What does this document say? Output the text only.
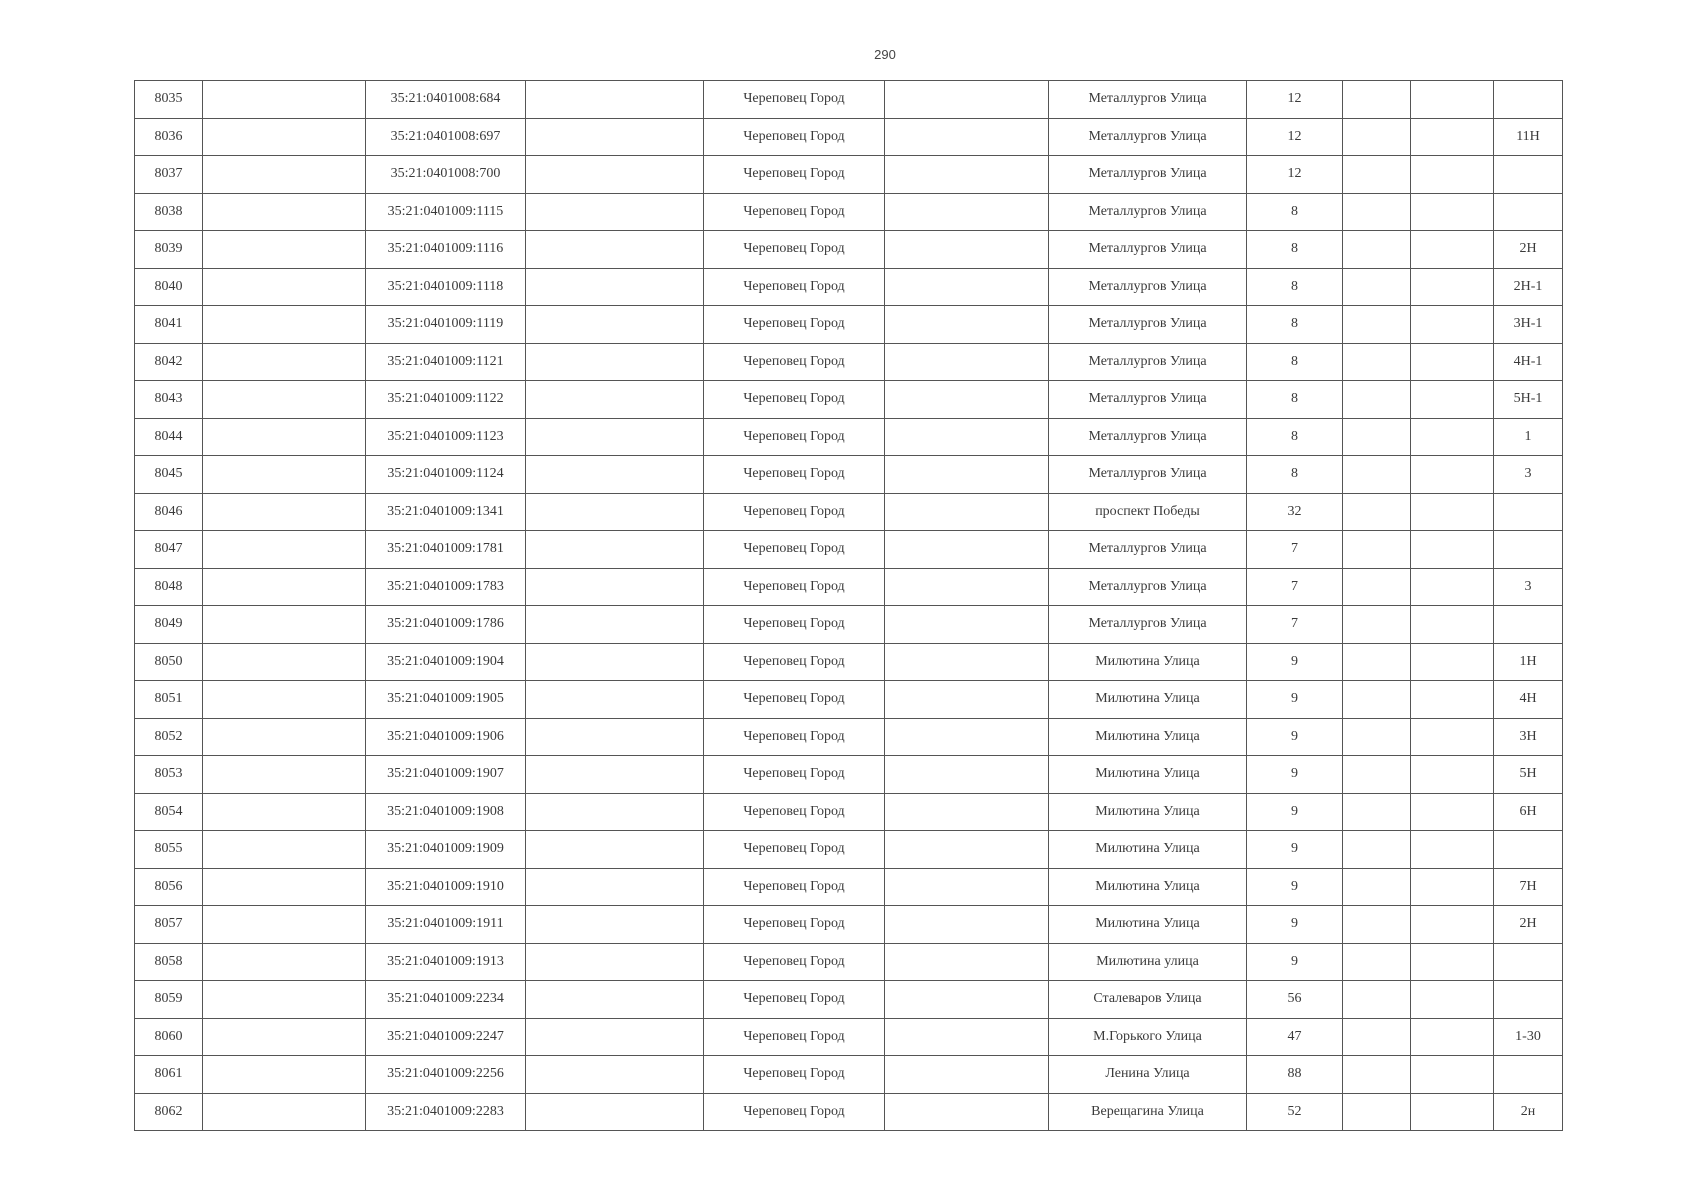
290
8035		35:21:0401008:684		Череповец Город		Металлургов Улица	12			
8036		35:21:0401008:697		Череповец Город		Металлургов Улица	12			11Н
8037		35:21:0401008:700		Череповец Город		Металлургов Улица	12			
8038		35:21:0401009:1115		Череповец Город		Металлургов Улица	8			
8039		35:21:0401009:1116		Череповец Город		Металлургов Улица	8			2Н
8040		35:21:0401009:1118		Череповец Город		Металлургов Улица	8			2Н-1
8041		35:21:0401009:1119		Череповец Город		Металлургов Улица	8			3Н-1
8042		35:21:0401009:1121		Череповец Город		Металлургов Улица	8			4Н-1
8043		35:21:0401009:1122		Череповец Город		Металлургов Улица	8			5Н-1
8044		35:21:0401009:1123		Череповец Город		Металлургов Улица	8			1
8045		35:21:0401009:1124		Череповец Город		Металлургов Улица	8			3
8046		35:21:0401009:1341		Череповец Город		проспект Победы	32			
8047		35:21:0401009:1781		Череповец Город		Металлургов Улица	7			
8048		35:21:0401009:1783		Череповец Город		Металлургов Улица	7			3
8049		35:21:0401009:1786		Череповец Город		Металлургов Улица	7			
8050		35:21:0401009:1904		Череповец Город		Милютина Улица	9			1Н
8051		35:21:0401009:1905		Череповец Город		Милютина Улица	9			4Н
8052		35:21:0401009:1906		Череповец Город		Милютина Улица	9			3Н
8053		35:21:0401009:1907		Череповец Город		Милютина Улица	9			5Н
8054		35:21:0401009:1908		Череповец Город		Милютина Улица	9			6Н
8055		35:21:0401009:1909		Череповец Город		Милютина Улица	9			
8056		35:21:0401009:1910		Череповец Город		Милютина Улица	9			7Н
8057		35:21:0401009:1911		Череповец Город		Милютина Улица	9			2Н
8058		35:21:0401009:1913		Череповец Город		Милютина улица	9			
8059		35:21:0401009:2234		Череповец Город		Сталеваров Улица	56			
8060		35:21:0401009:2247		Череповец Город		М.Горького Улица	47			1-30
8061		35:21:0401009:2256		Череповец Город		Ленина Улица	88			
8062		35:21:0401009:2283		Череповец Город		Верещагина Улица	52			2н
